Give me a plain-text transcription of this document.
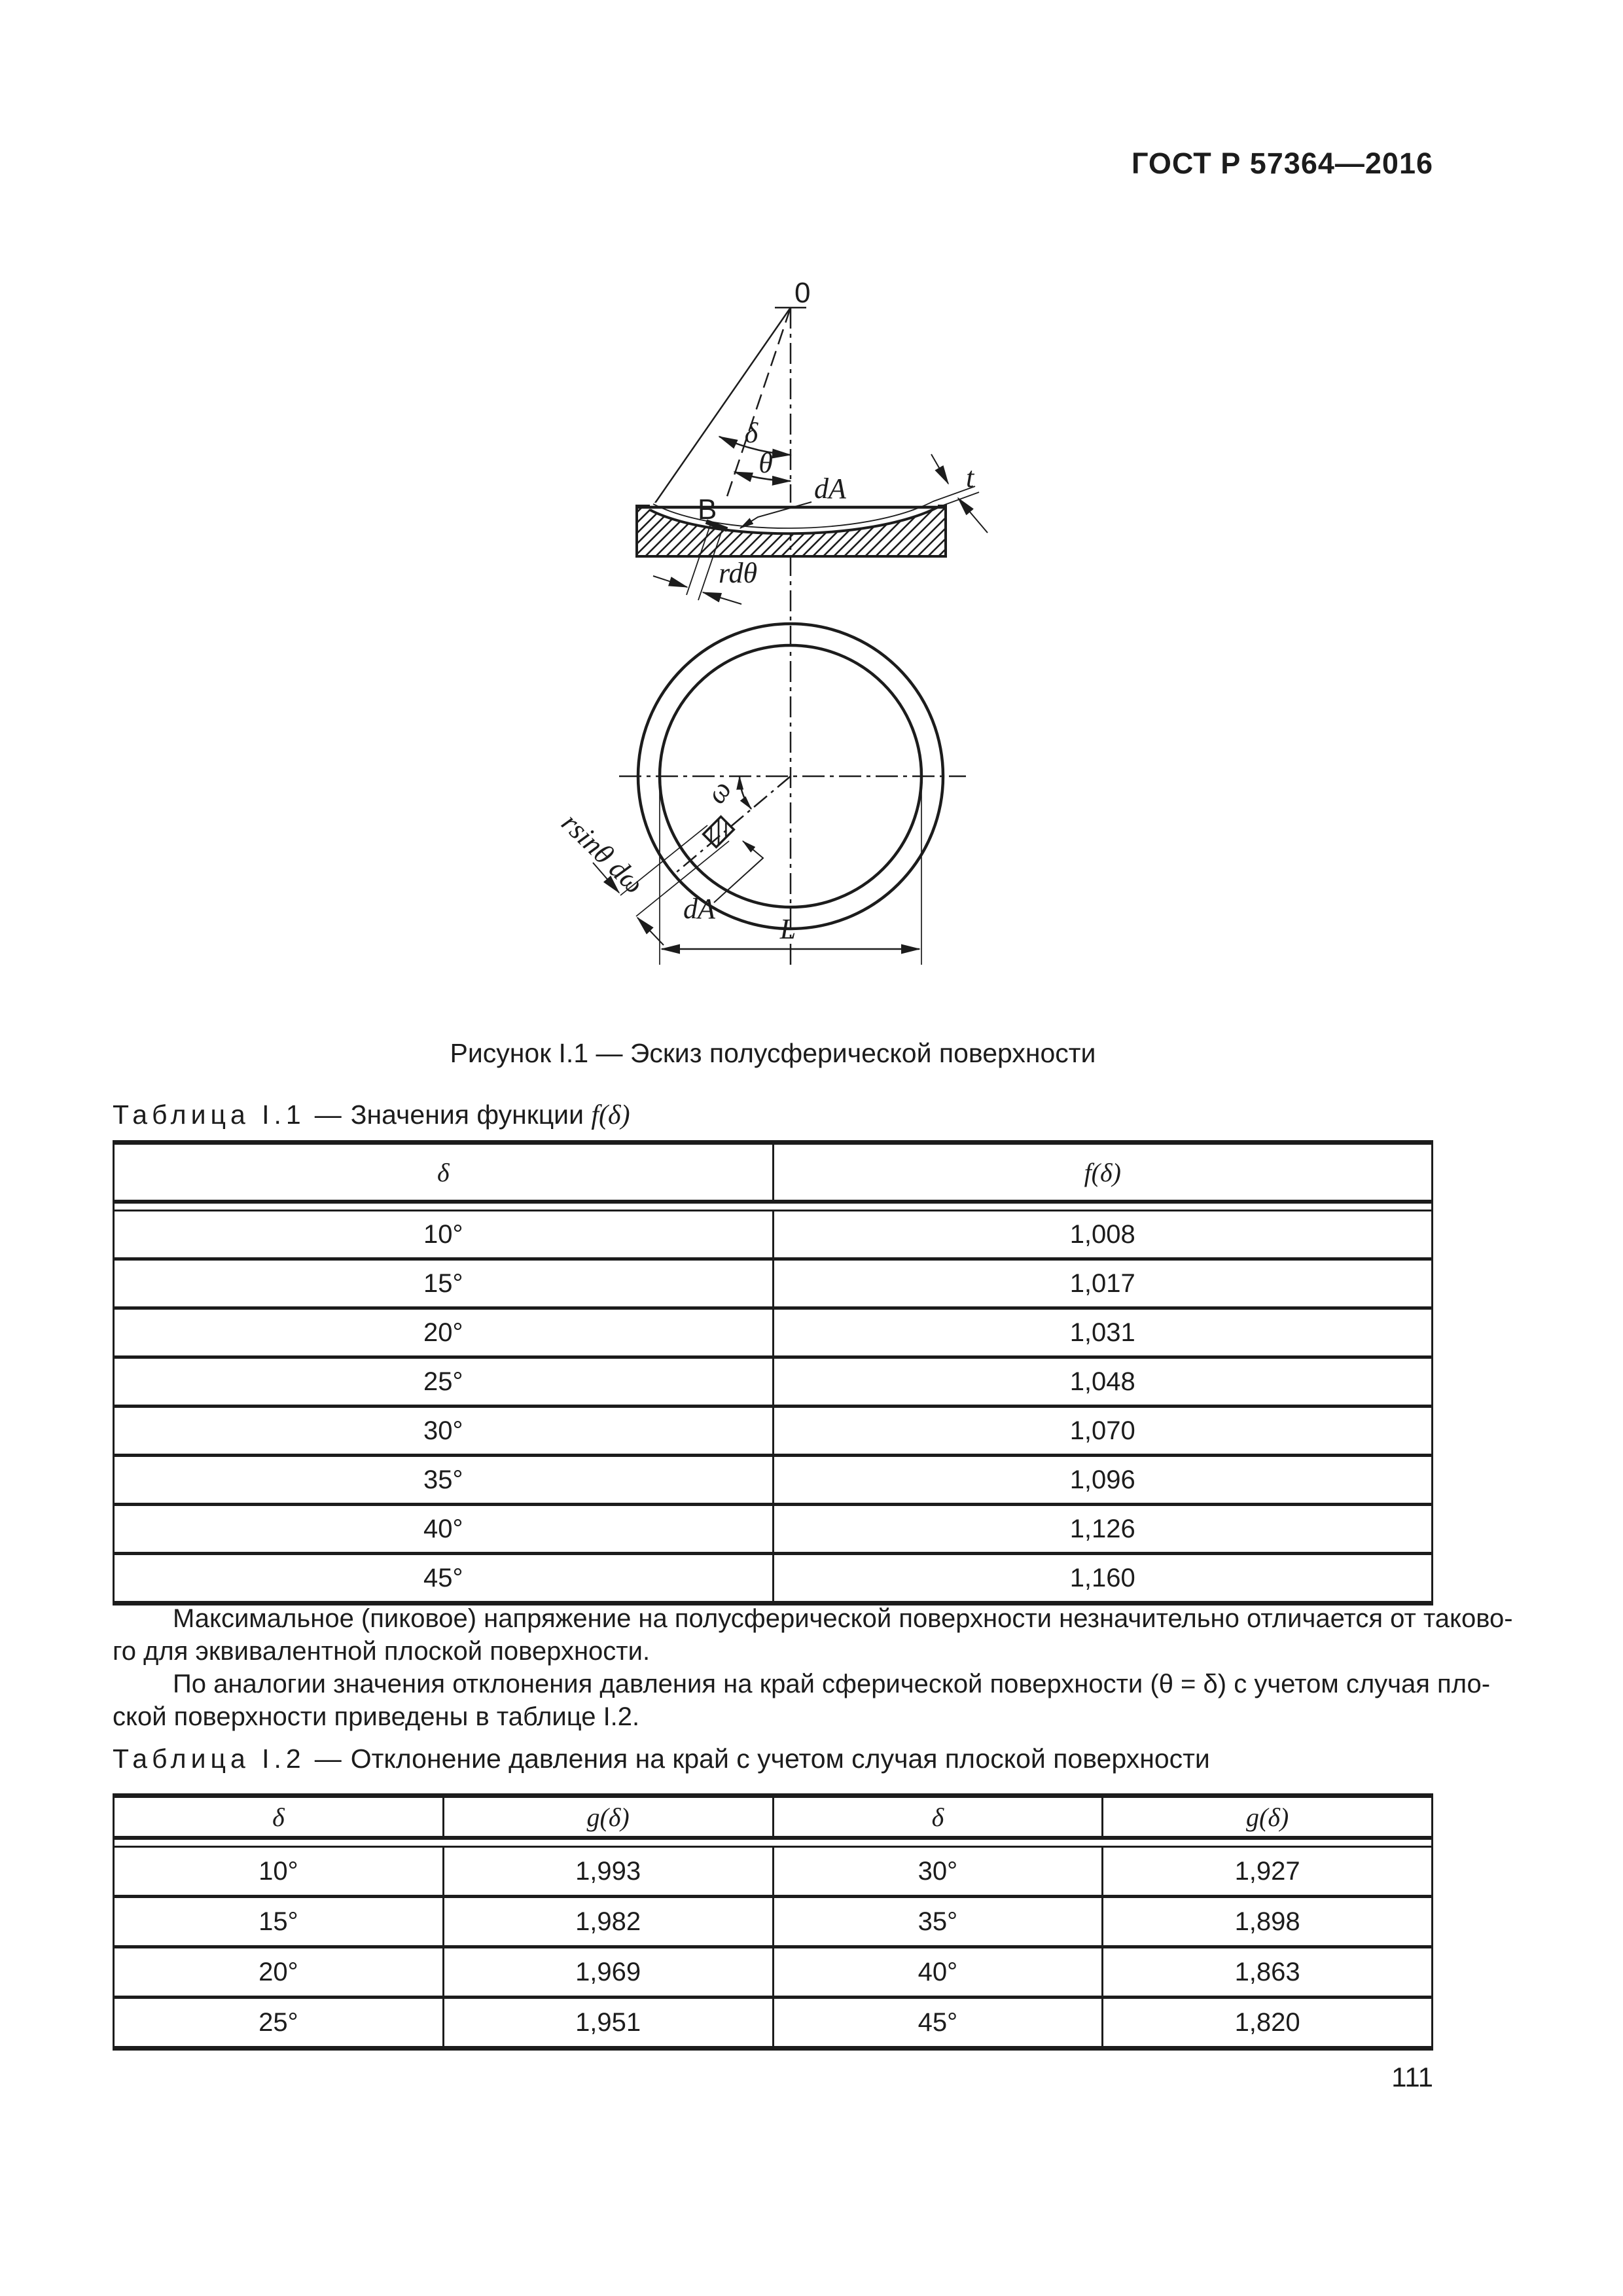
ГОСТ Р 57364—2016
0
δ
θ
dA
B
rdθ
t
ω
rsinθ dω
dA
L
Рисунок I.1 — Эскиз полусферической поверхности
Таблица I.1 — Значения функции f(δ)
δ	f(δ)

10°	1,008
15°	1,017
20°	1,031
25°	1,048
30°	1,070
35°	1,096
40°	1,126
45°	1,160
Максимальное (пиковое) напряжение на полусферической поверхности незначительно отличается от таково-
го для эквивалентной плоской поверхности.
По аналогии значения отклонения давления на край сферической поверхности (θ = δ) с учетом случая пло-
ской поверхности приведены в таблице I.2.
Таблица I.2 — Отклонение давления на край с учетом случая плоской поверхности
δ	g(δ)	δ	g(δ)

10°	1,993	30°	1,927
15°	1,982	35°	1,898
20°	1,969	40°	1,863
25°	1,951	45°	1,820
111
